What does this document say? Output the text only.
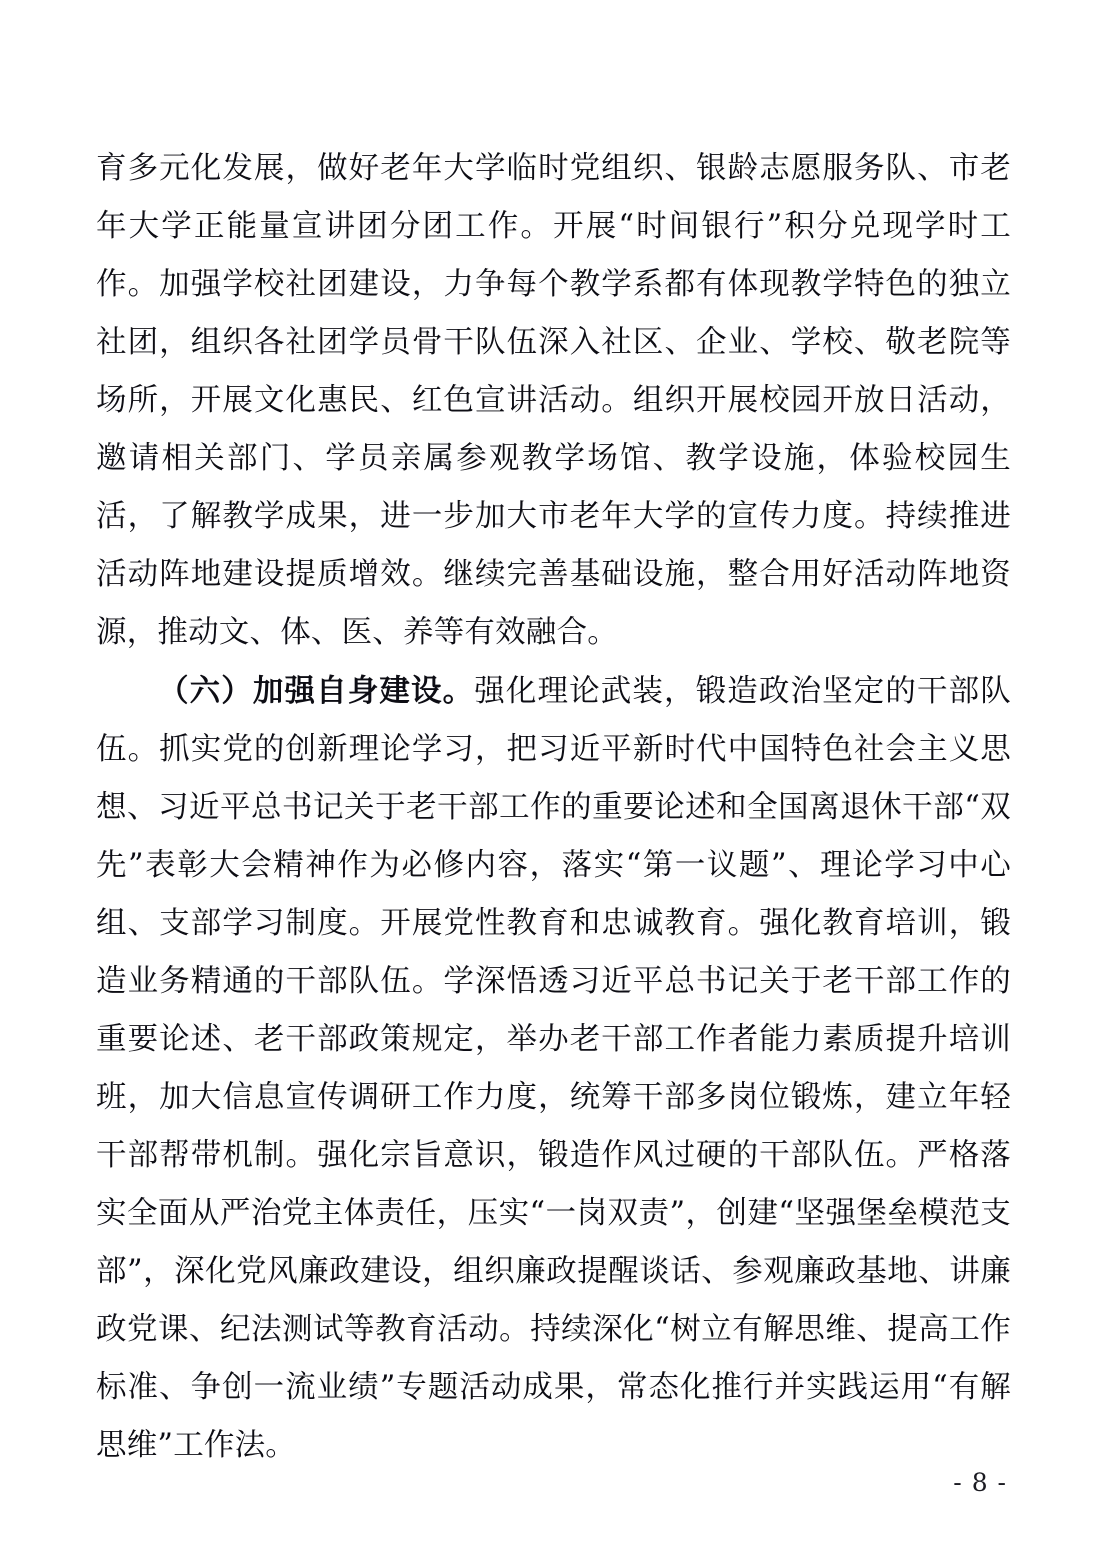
育多元化发展，做好老年大学临时党组织、银龄志愿服务队、市老年大学正能量宣讲团分团工作。开展“时间银行”积分兑现学时工作。加强学校社团建设，力争每个教学系都有体现教学特色的独立社团，组织各社团学员骨干队伍深入社区、企业、学校、敬老院等场所，开展文化惠民、红色宣讲活动。组织开展校园开放日活动，邀请相关部门、学员亲属参观教学场馆、教学设施，体验校园生活，了解教学成果，进一步加大市老年大学的宣传力度。持续推进活动阵地建设提质增效。继续完善基础设施，整合用好活动阵地资源，推动文、体、医、养等有效融合。

（六）加强自身建设。强化理论武装，锻造政治坚定的干部队伍。抓实党的创新理论学习，把习近平新时代中国特色社会主义思想、习近平总书记关于老干部工作的重要论述和全国离退休干部“双先”表彰大会精神作为必修内容，落实“第一议题”、理论学习中心组、支部学习制度。开展党性教育和忠诚教育。强化教育培训，锻造业务精通的干部队伍。学深悟透习近平总书记关于老干部工作的重要论述、老干部政策规定，举办老干部工作者能力素质提升培训班，加大信息宣传调研工作力度，统筹干部多岗位锻炼，建立年轻干部帮带机制。强化宗旨意识，锻造作风过硬的干部队伍。严格落实全面从严治党主体责任，压实“一岗双责”，创建“坚强堡垒模范支部”，深化党风廉政建设，组织廉政提醒谈话、参观廉政基地、讲廉政党课、纪法测试等教育活动。持续深化“树立有解思维、提高工作标准、争创一流业绩”专题活动成果，常态化推行并实践运用“有解思维”工作法。

- 8 -
